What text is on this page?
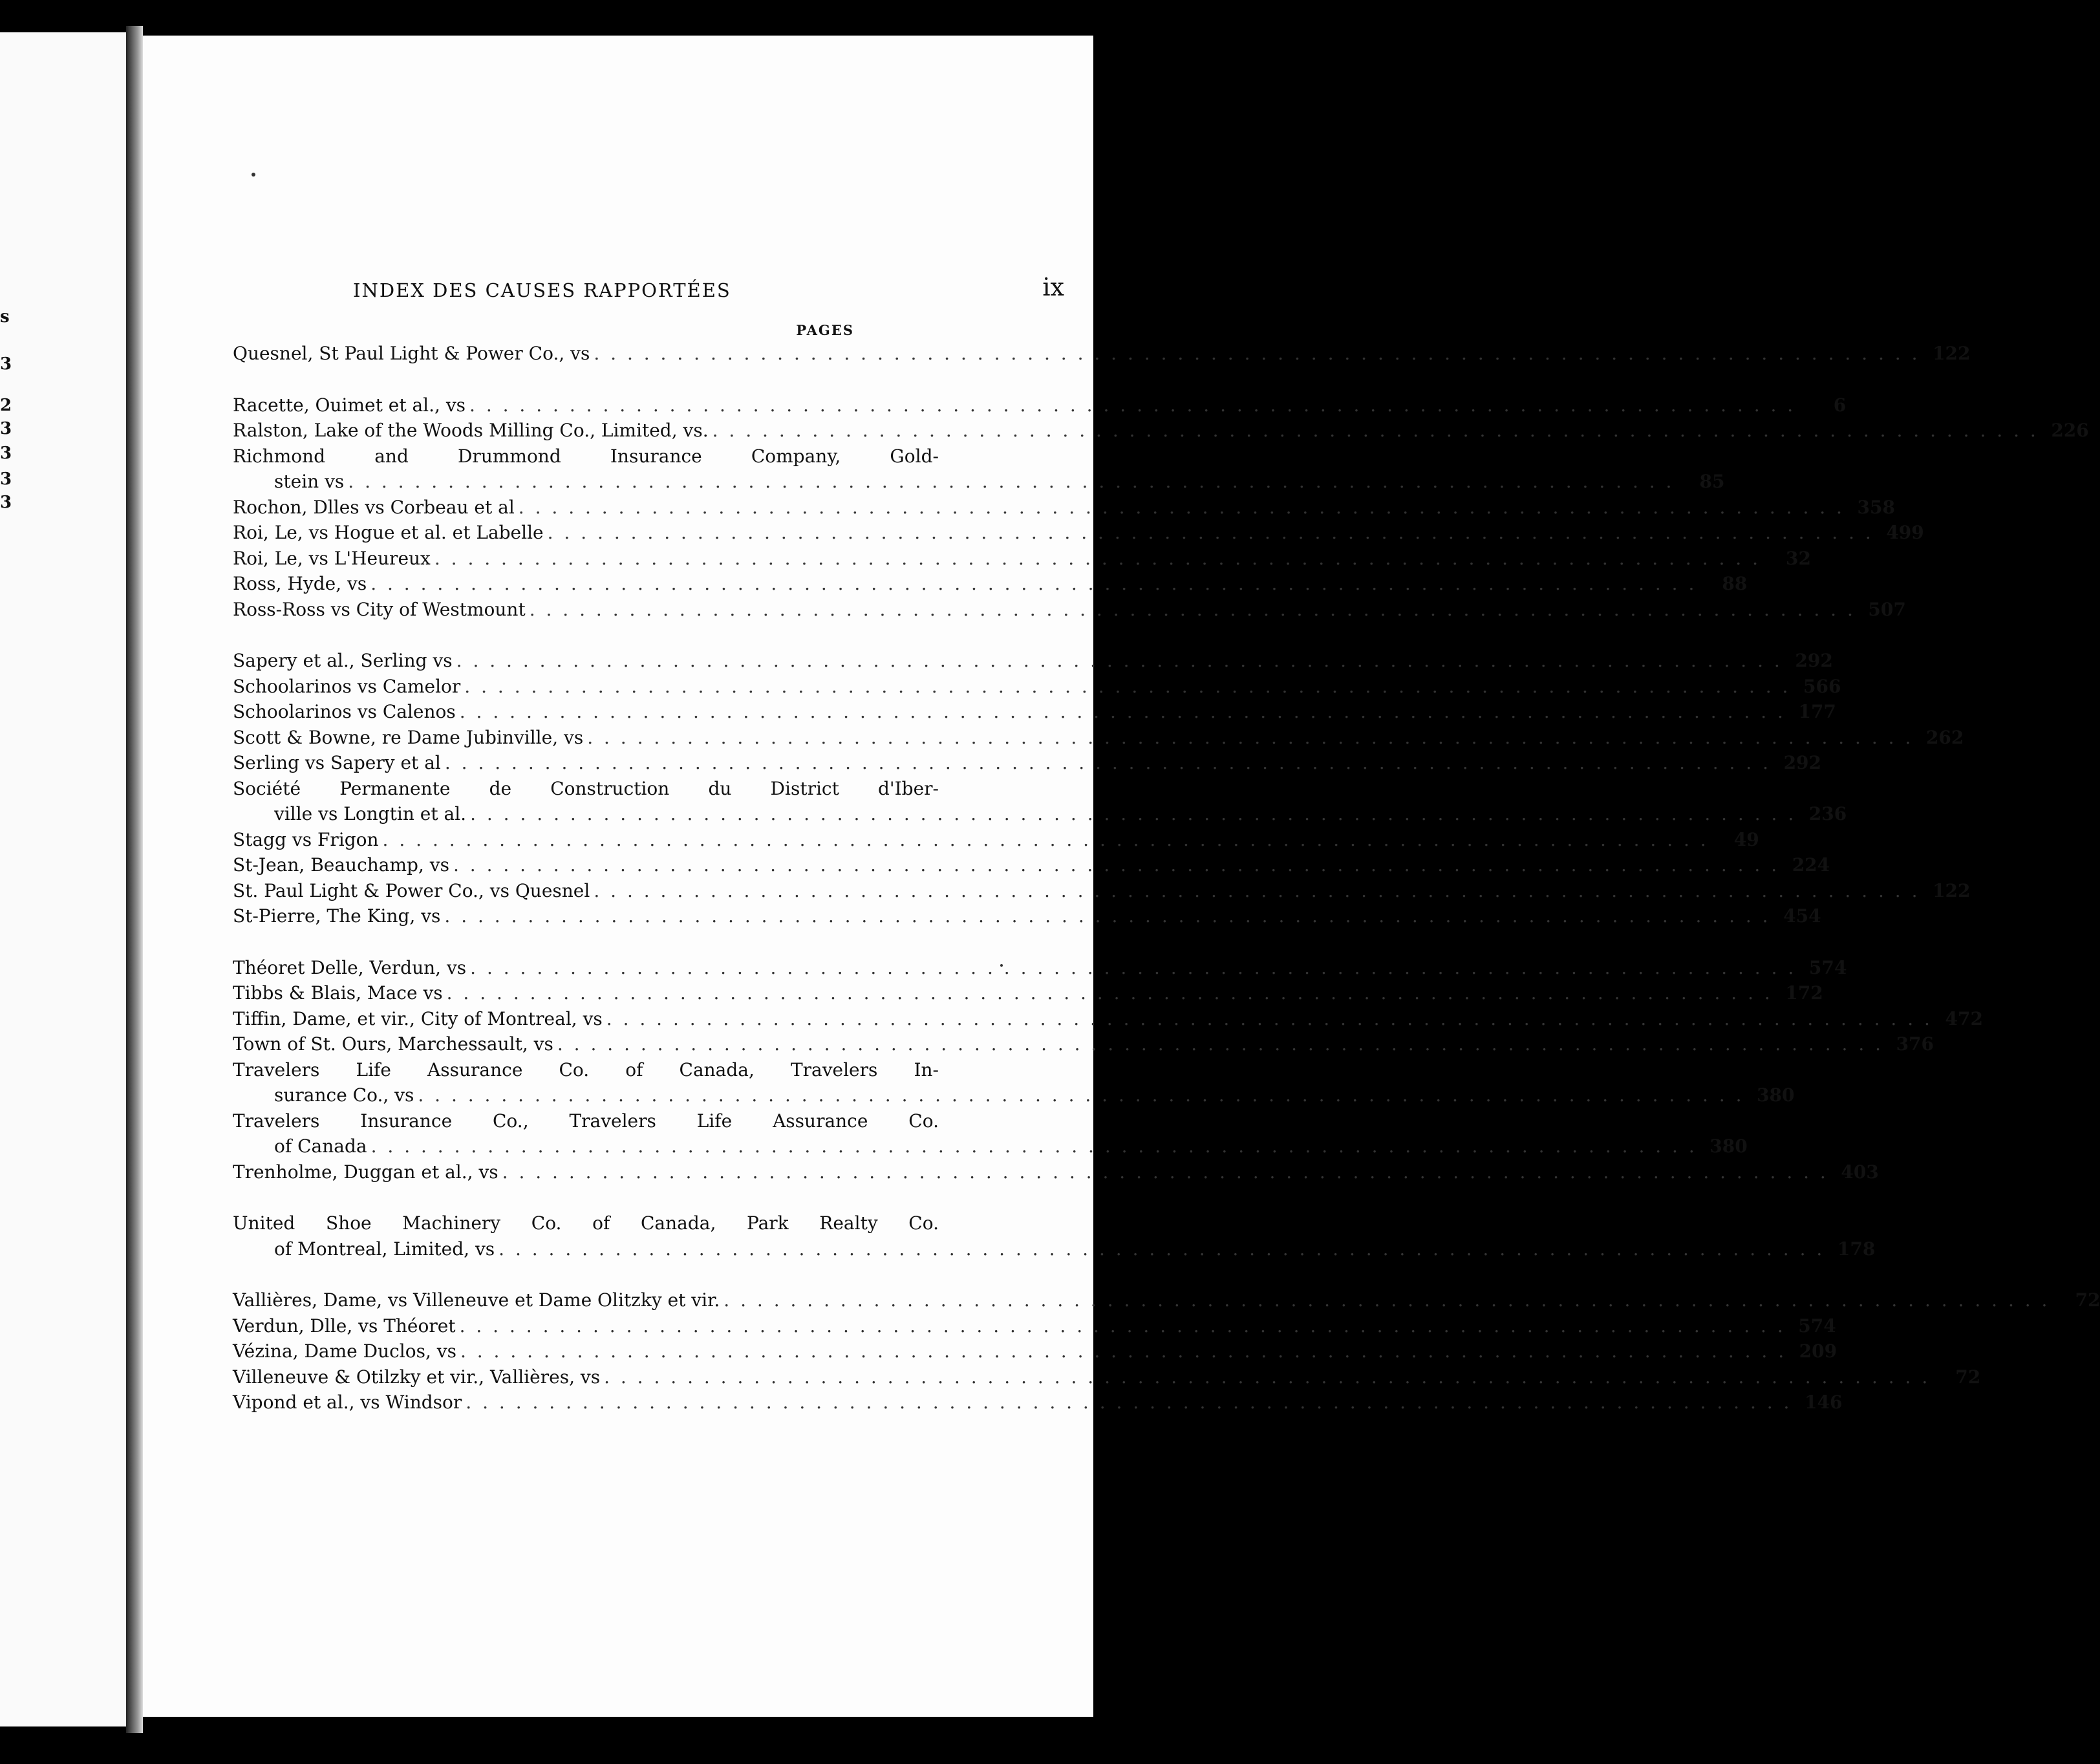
s
3
2
3
3
3
3
INDEX DES CAUSES RAPPORTÉES	ix
PAGES
Quesnel, St Paul Light & Power Co., vs . . . . . . . . . . . . . . . . . . . . . . . . . . . . . . . . . . . . . . . . . . . . . . . . . . . . . . . . . . . . . . . . . . . . . . . . . . . . . . . . 122
Racette, Ouimet et al., vs . . . . . . . . . . . . . . . . . . . . . . . . . . . . . . . . . . . . . . . . . . . . . . . . . . . . . . . . . . . . . . . . . . . . . . . . . . . . . . . .	6
Ralston, Lake of the Woods Milling Co., Limited, vs. . . . . . . . . . . . . . . . . . . . . . . . . . . . . . . . . . . . . . . . . . . . . . . . . . . . . . . . . . . . . . . . . . . . . . . . . . . . . . . . . 226
Richmond and Drummond Insurance Company, Gold-
stein vs . . . . . . . . . . . . . . . . . . . . . . . . . . . . . . . . . . . . . . . . . . . . . . . . . . . . . . . . . . . . . . . . . . . . . . . . . . . . . . . .	85
Rochon, Dlles vs Corbeau et al . . . . . . . . . . . . . . . . . . . . . . . . . . . . . . . . . . . . . . . . . . . . . . . . . . . . . . . . . . . . . . . . . . . . . . . . . . . . . . . . 358
Roi, Le, vs Hogue et al. et Labelle . . . . . . . . . . . . . . . . . . . . . . . . . . . . . . . . . . . . . . . . . . . . . . . . . . . . . . . . . . . . . . . . . . . . . . . . . . . . . . . . 499
Roi, Le, vs L'Heureux . . . . . . . . . . . . . . . . . . . . . . . . . . . . . . . . . . . . . . . . . . . . . . . . . . . . . . . . . . . . . . . . . . . . . . . . . . . . . . . .	32
Ross, Hyde, vs . . . . . . . . . . . . . . . . . . . . . . . . . . . . . . . . . . . . . . . . . . . . . . . . . . . . . . . . . . . . . . . . . . . . . . . . . . . . . . . .	88
Ross-Ross vs City of Westmount . . . . . . . . . . . . . . . . . . . . . . . . . . . . . . . . . . . . . . . . . . . . . . . . . . . . . . . . . . . . . . . . . . . . . . . . . . . . . . . . 507
Sapery et al., Serling vs . . . . . . . . . . . . . . . . . . . . . . . . . . . . . . . . . . . . . . . . . . . . . . . . . . . . . . . . . . . . . . . . . . . . . . . . . . . . . . . . 292
Schoolarinos vs Camelor . . . . . . . . . . . . . . . . . . . . . . . . . . . . . . . . . . . . . . . . . . . . . . . . . . . . . . . . . . . . . . . . . . . . . . . . . . . . . . . . 566
Schoolarinos vs Calenos . . . . . . . . . . . . . . . . . . . . . . . . . . . . . . . . . . . . . . . . . . . . . . . . . . . . . . . . . . . . . . . . . . . . . . . . . . . . . . . . 177
Scott & Bowne, re Dame Jubinville, vs . . . . . . . . . . . . . . . . . . . . . . . . . . . . . . . . . . . . . . . . . . . . . . . . . . . . . . . . . . . . . . . . . . . . . . . . . . . . . . . . 262
Serling vs Sapery et al . . . . . . . . . . . . . . . . . . . . . . . . . . . . . . . . . . . . . . . . . . . . . . . . . . . . . . . . . . . . . . . . . . . . . . . . . . . . . . . . 292
Société Permanente de Construction du District d'Iber-
ville vs Longtin et al. . . . . . . . . . . . . . . . . . . . . . . . . . . . . . . . . . . . . . . . . . . . . . . . . . . . . . . . . . . . . . . . . . . . . . . . . . . . . . . . . 236
Stagg vs Frigon . . . . . . . . . . . . . . . . . . . . . . . . . . . . . . . . . . . . . . . . . . . . . . . . . . . . . . . . . . . . . . . . . . . . . . . . . . . . . . . .	49
St-Jean, Beauchamp, vs . . . . . . . . . . . . . . . . . . . . . . . . . . . . . . . . . . . . . . . . . . . . . . . . . . . . . . . . . . . . . . . . . . . . . . . . . . . . . . . . 224
St. Paul Light & Power Co., vs Quesnel . . . . . . . . . . . . . . . . . . . . . . . . . . . . . . . . . . . . . . . . . . . . . . . . . . . . . . . . . . . . . . . . . . . . . . . . . . . . . . . . 122
St-Pierre, The King, vs . . . . . . . . . . . . . . . . . . . . . . . . . . . . . . . . . . . . . . . . . . . . . . . . . . . . . . . . . . . . . . . . . . . . . . . . . . . . . . . . 454
Théoret Delle, Verdun, vs . . . . . . . . . . . . . . . . . . . . . . . . . . . . . . . . . . . . . . . . . . . . . . . . . . . . . . . . . . . . . . . . . . . . . . . . . . . . . . . . 574
Tibbs & Blais, Mace vs . . . . . . . . . . . . . . . . . . . . . . . . . . . . . . . . . . . . . . . . . . . . . . . . . . . . . . . . . . . . . . . . . . . . . . . . . . . . . . . . 172
Tiffin, Dame, et vir., City of Montreal, vs . . . . . . . . . . . . . . . . . . . . . . . . . . . . . . . . . . . . . . . . . . . . . . . . . . . . . . . . . . . . . . . . . . . . . . . . . . . . . . . . 472
Town of St. Ours, Marchessault, vs . . . . . . . . . . . . . . . . . . . . . . . . . . . . . . . . . . . . . . . . . . . . . . . . . . . . . . . . . . . . . . . . . . . . . . . . . . . . . . . . 376
Travelers Life Assurance Co. of Canada, Travelers In-
surance Co., vs . . . . . . . . . . . . . . . . . . . . . . . . . . . . . . . . . . . . . . . . . . . . . . . . . . . . . . . . . . . . . . . . . . . . . . . . . . . . . . . . 380
Travelers Insurance Co., Travelers Life Assurance Co.
of Canada . . . . . . . . . . . . . . . . . . . . . . . . . . . . . . . . . . . . . . . . . . . . . . . . . . . . . . . . . . . . . . . . . . . . . . . . . . . . . . . . 380
Trenholme, Duggan et al., vs . . . . . . . . . . . . . . . . . . . . . . . . . . . . . . . . . . . . . . . . . . . . . . . . . . . . . . . . . . . . . . . . . . . . . . . . . . . . . . . . 403
United Shoe Machinery Co. of Canada, Park Realty Co.
of Montreal, Limited, vs . . . . . . . . . . . . . . . . . . . . . . . . . . . . . . . . . . . . . . . . . . . . . . . . . . . . . . . . . . . . . . . . . . . . . . . . . . . . . . . . 178
Vallières, Dame, vs Villeneuve et Dame Olitzky et vir. . . . . . . . . . . . . . . . . . . . . . . . . . . . . . . . . . . . . . . . . . . . . . . . . . . . . . . . . . . . . . . . . . . . . . . . . . . . . . . . .	72
Verdun, Dlle, vs Théoret . . . . . . . . . . . . . . . . . . . . . . . . . . . . . . . . . . . . . . . . . . . . . . . . . . . . . . . . . . . . . . . . . . . . . . . . . . . . . . . . 574
Vézina, Dame Duclos, vs . . . . . . . . . . . . . . . . . . . . . . . . . . . . . . . . . . . . . . . . . . . . . . . . . . . . . . . . . . . . . . . . . . . . . . . . . . . . . . . . 209
Villeneuve & Otilzky et vir., Vallières, vs . . . . . . . . . . . . . . . . . . . . . . . . . . . . . . . . . . . . . . . . . . . . . . . . . . . . . . . . . . . . . . . . . . . . . . . . . . . . . . . .	72
Vipond et al., vs Windsor . . . . . . . . . . . . . . . . . . . . . . . . . . . . . . . . . . . . . . . . . . . . . . . . . . . . . . . . . . . . . . . . . . . . . . . . . . . . . . . . 146
